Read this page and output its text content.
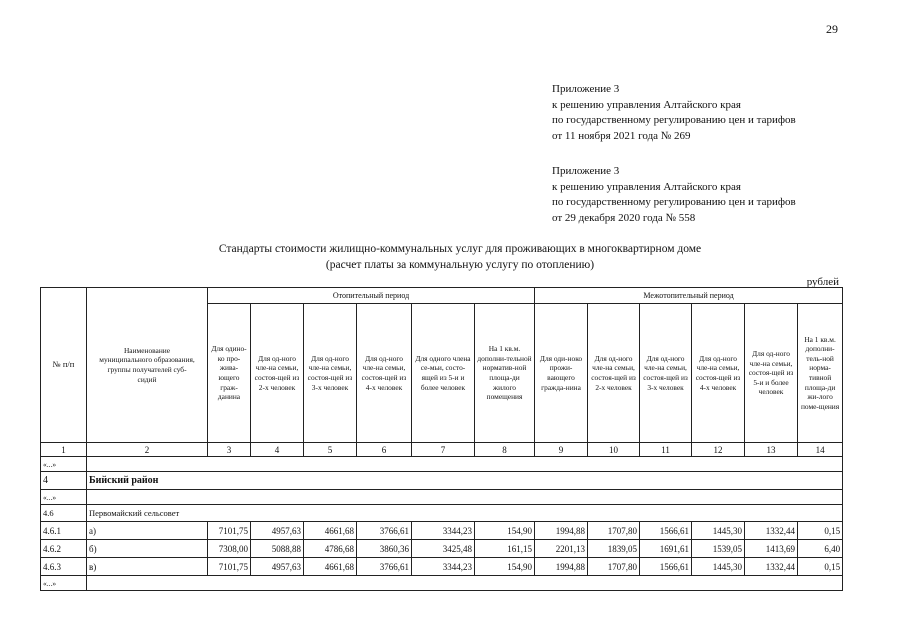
29
Приложение 3
к решению управления Алтайского края
по государственному регулированию цен и тарифов
от 11 ноября 2021 года № 269
Приложение 3
к решению управления Алтайского края
по государственному регулированию цен и тарифов
от 29 декабря 2020 года № 558
Стандарты стоимости жилищно-коммунальных услуг для проживающих в многоквартирном доме
(расчет платы за коммунальную услугу по отоплению)
рублей
№ п/п	Наименование муниципального образования, группы получателей суб-сидий	Отопительный период						Межотопительный период					
		Для одино-ко про-жива-ющего граж-данина	Для од-ного чле-на семьи, состоя-щей из 2-х человек	Для од-ного чле-на семьи, состоя-щей из 3-х человек	Для од-ного чле-на семьи, состоя-щей из 4-х человек	Для одного члена се-мьи, состо-ящей из 5-и и более человек	На 1 кв.м. дополни-тельной норматив-ной площа-ди жилого помещения	Для оди-ноко прожи-вающего гражда-нина	Для од-ного чле-на семьи, состоя-щей из 2-х человек	Для од-ного чле-на семьи, состоя-щей из 3-х человек	Для од-ного чле-на семьи, состоя-щей из 4-х человек	Для од-ного чле-на семьи, состоя-щей из 5-и и более человек	На 1 кв.м. дополни-тель-ной норма-тивной площа-ди жи-лого поме-щения
1	2	3	4	5	6	7	8	9	10	11	12	13	14
«...»													
4	Бийский район												
«...»													
4.6	Первомайский сельсовет												
4.6.1	а)	7101,75	4957,63	4661,68	3766,61	3344,23	154,90	1994,88	1707,80	1566,61	1445,30	1332,44	0,15
4.6.2	б)	7308,00	5088,88	4786,68	3860,36	3425,48	161,15	2201,13	1839,05	1691,61	1539,05	1413,69	6,40
4.6.3	в)	7101,75	4957,63	4661,68	3766,61	3344,23	154,90	1994,88	1707,80	1566,61	1445,30	1332,44	0,15
«...»													
